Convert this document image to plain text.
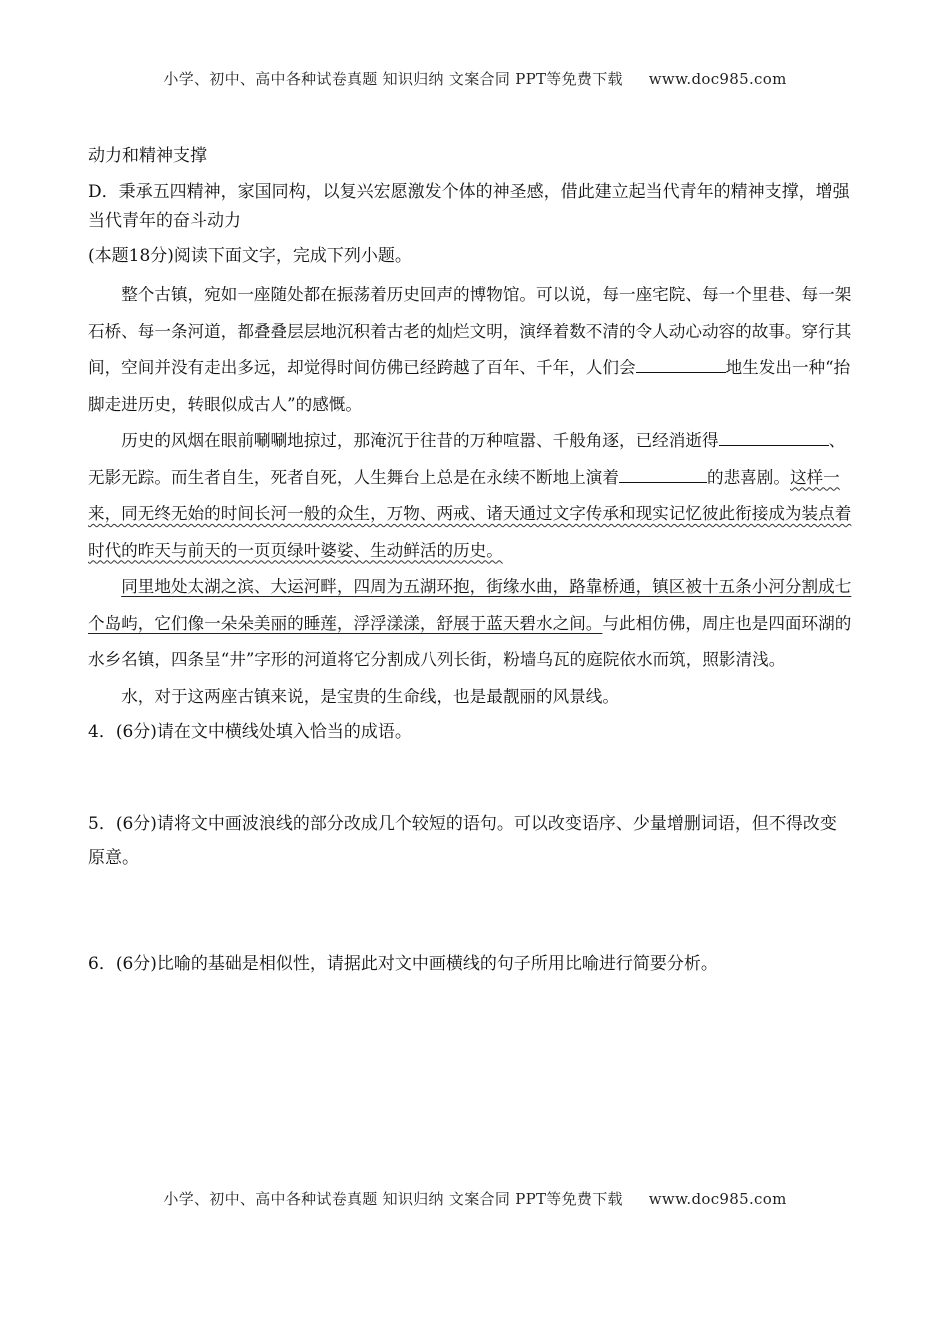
小学、初中、高中各种试卷真题 知识归纳 文案合同 PPT等免费下载 www.doc985.com

动力和精神支撑

D．秉承五四精神，家国同构，以复兴宏愿激发个体的神圣感，借此建立起当代青年的精神支撑，增强当代青年的奋斗动力

(本题18分)阅读下面文字，完成下列小题。

整个古镇，宛如一座随处都在振荡着历史回声的博物馆。可以说，每一座宅院、每一个里巷、每一架石桥、每一条河道，都叠叠层层地沉积着古老的灿烂文明，演绎着数不清的令人动心动容的故事。穿行其间，空间并没有走出多远，却觉得时间仿佛已经跨越了百年、千年，人们会	地生发出一种“抬脚走进历史，转眼似成古人”的感慨。

历史的风烟在眼前唰唰地掠过，那淹沉于往昔的万种喧嚣、千般角逐，已经消逝得	、无影无踪。而生者自生，死者自死，人生舞台上总是在永续不断地上演着	的悲喜剧。这样一来，同无终无始的时间长河一般的众生，万物、两戒、诸天通过文字传承和现实记忆彼此衔接成为装点着时代的昨天与前天的一页页绿叶婆娑、生动鲜活的历史。

同里地处太湖之滨、大运河畔，四周为五湖环抱，街缘水曲，路靠桥通，镇区被十五条小河分割成七个岛屿，它们像一朵朵美丽的睡莲，浮浮漾漾，舒展于蓝天碧水之间。与此相仿佛，周庄也是四面环湖的水乡名镇，四条呈“井”字形的河道将它分割成八列长街，粉墙乌瓦的庭院依水而筑，照影清浅。

水，对于这两座古镇来说，是宝贵的生命线，也是最靓丽的风景线。

4．(6分)请在文中横线处填入恰当的成语。

5．(6分)请将文中画波浪线的部分改成几个较短的语句。可以改变语序、少量增删词语，但不得改变原意。

6．(6分)比喻的基础是相似性，请据此对文中画横线的句子所用比喻进行简要分析。

小学、初中、高中各种试卷真题 知识归纳 文案合同 PPT等免费下载 www.doc985.com
